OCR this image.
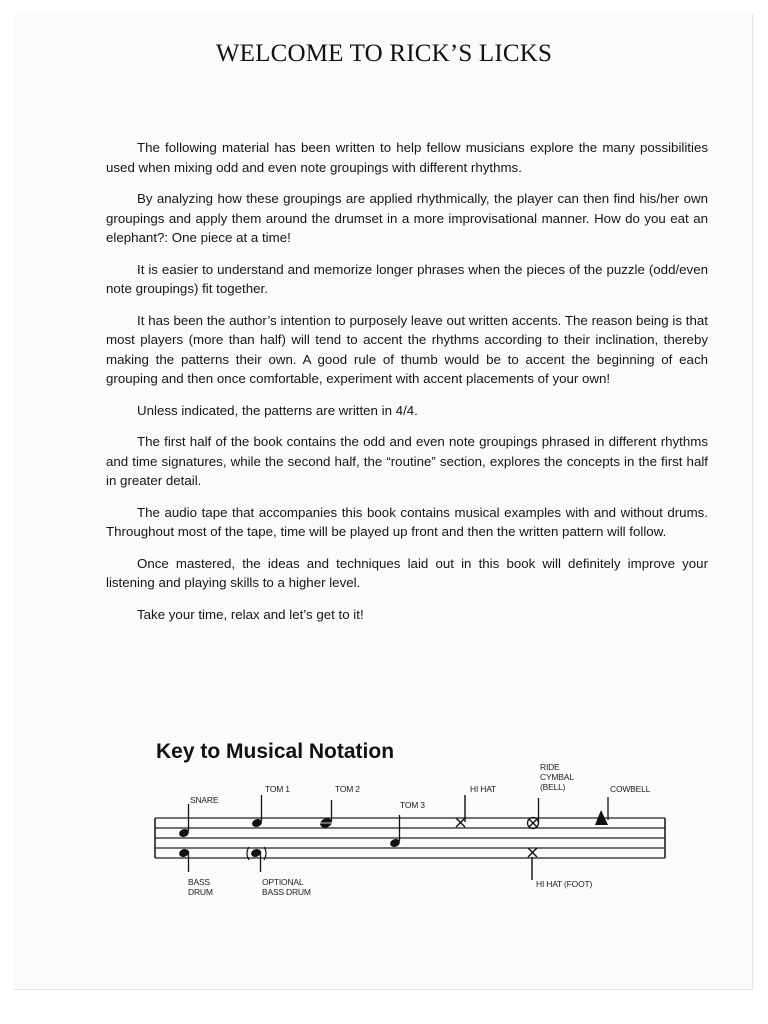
WELCOME TO RICK’S LICKS

The following material has been written to help fellow musicians explore the many possibilities used when mixing odd and even note groupings with different rhythms.

By analyzing how these groupings are applied rhythmically, the player can then find his/her own groupings and apply them around the drumset in a more improvisational manner. How do you eat an elephant?: One piece at a time!

It is easier to understand and memorize longer phrases when the pieces of the puzzle (odd/even note groupings) fit together.

It has been the author’s intention to purposely leave out written accents. The reason being is that most players (more than half) will tend to accent the rhythms according to their inclination, thereby making the patterns their own. A good rule of thumb would be to accent the beginning of each grouping and then once comfortable, experiment with accent placements of your own!

Unless indicated, the patterns are written in 4/4.

The first half of the book contains the odd and even note groupings phrased in different rhythms and time signatures, while the second half, the “routine” section, explores the concepts in the first half in greater detail.

The audio tape that accompanies this book contains musical examples with and without drums. Throughout most of the tape, time will be played up front and then the written pattern will follow.

Once mastered, the ideas and techniques laid out in this book will definitely improve your listening and playing skills to a higher level.

Take your time, relax and let’s get to it!

Key to Musical Notation
SNARE
TOM 1	TOM 2
TOM 3
HI HAT
RIDE
CYMBAL
(BELL)	COWBELL
BASS
DRUM
OPTIONAL
BASS DRUM
HI HAT (FOOT)
